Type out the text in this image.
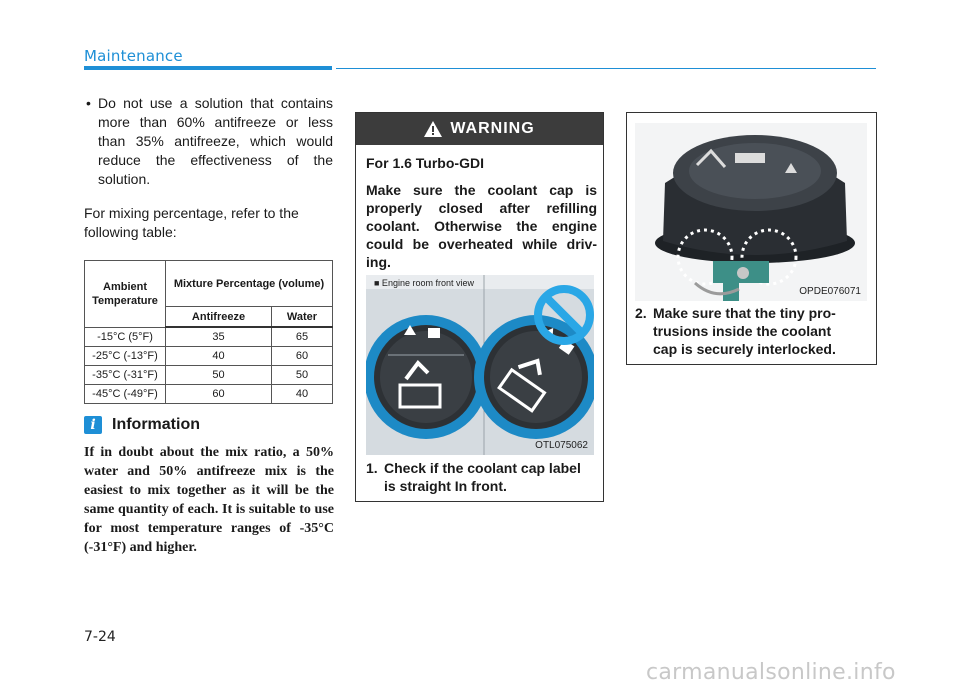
Maintenance
• Do not use a solution that contains more than 60% antifreeze or less than 35% antifreeze, which would reduce the effectiveness of the solution.
For mixing percentage, refer to the following table:
Ambient Temperature	Mixture Percentage (volume)	
	Antifreeze	Water
-15°C (5°F)	35	65
-25°C (-13°F)	40	60
-35°C (-31°F)	50	50
-45°C (-49°F)	60	40
i	Information
If in doubt about the mix ratio, a 50% water and 50% antifreeze mix is the easiest to mix together as it will be the same quantity of each. It is suitable to use for most temperature ranges of -35°C (-31°F) and higher.
WARNING
For 1.6 Turbo-GDI
Make sure the coolant cap is properly closed after refilling coolant. Otherwise the engine could be overheated while driv-ing.
■ Engine room front view
OTL075062
1. Check if the coolant cap label
is straight In front.
OPDE076071
2. Make sure that the tiny pro-
trusions inside the coolant
cap is securely interlocked.
7-24
carmanualsonline.info
